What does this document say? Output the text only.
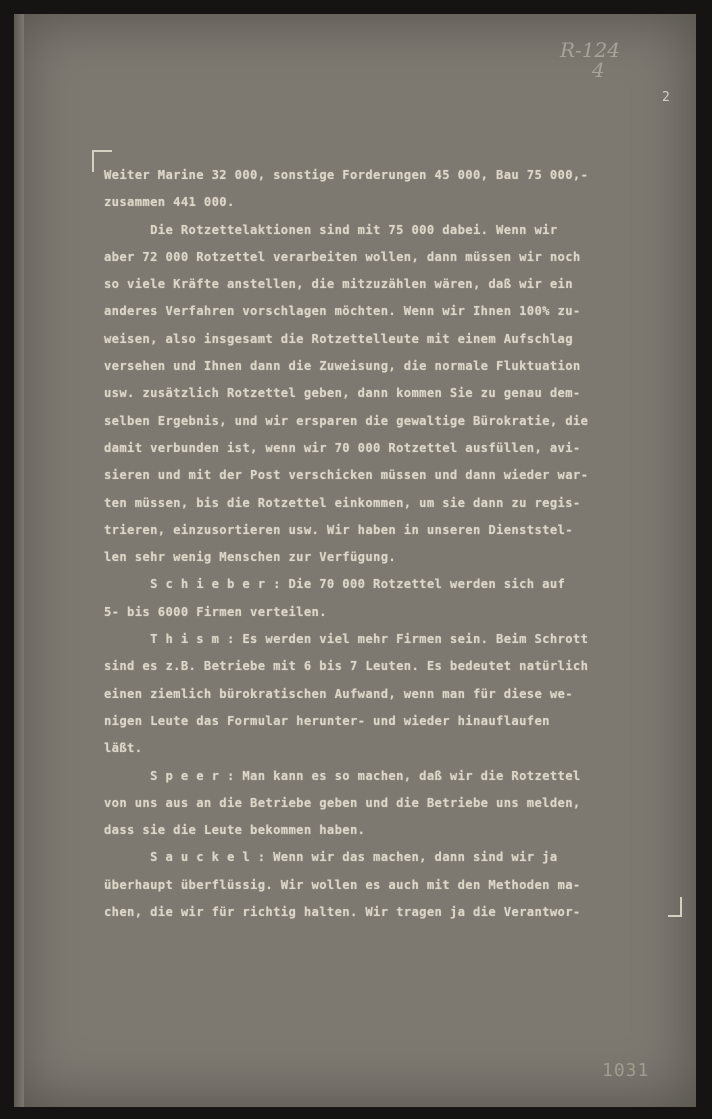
R-124
4
2
Weiter Marine 32 000, sonstige Forderungen 45 000, Bau 75 000,-
zusammen 441 000.
Die Rotzettelaktionen sind mit 75 000 dabei. Wenn wir
aber 72 000 Rotzettel verarbeiten wollen, dann müssen wir noch
so viele Kräfte anstellen, die mitzuzählen wären, daß wir ein
anderes Verfahren vorschlagen möchten. Wenn wir Ihnen 100% zu-
weisen, also insgesamt die Rotzettelleute mit einem Aufschlag
versehen und Ihnen dann die Zuweisung, die normale Fluktuation
usw. zusätzlich Rotzettel geben, dann kommen Sie zu genau dem-
selben Ergebnis, und wir ersparen die gewaltige Bürokratie, die
damit verbunden ist, wenn wir 70 000 Rotzettel ausfüllen, avi-
sieren und mit der Post verschicken müssen und dann wieder war-
ten müssen, bis die Rotzettel einkommen, um sie dann zu regis-
trieren, einzusortieren usw. Wir haben in unseren Dienststel-
len sehr wenig Menschen zur Verfügung.
S c h i e b e r : Die 70 000 Rotzettel werden sich auf
5- bis 6000 Firmen verteilen.
T h i s m : Es werden viel mehr Firmen sein. Beim Schrott
sind es z.B. Betriebe mit 6 bis 7 Leuten. Es bedeutet natürlich
einen ziemlich bürokratischen Aufwand, wenn man für diese we-
nigen Leute das Formular herunter- und wieder hinauflaufen
läßt.
S p e e r : Man kann es so machen, daß wir die Rotzettel
von uns aus an die Betriebe geben und die Betriebe uns melden,
dass sie die Leute bekommen haben.
S a u c k e l : Wenn wir das machen, dann sind wir ja
überhaupt überflüssig. Wir wollen es auch mit den Methoden ma-
chen, die wir für richtig halten. Wir tragen ja die Verantwor-
1031
